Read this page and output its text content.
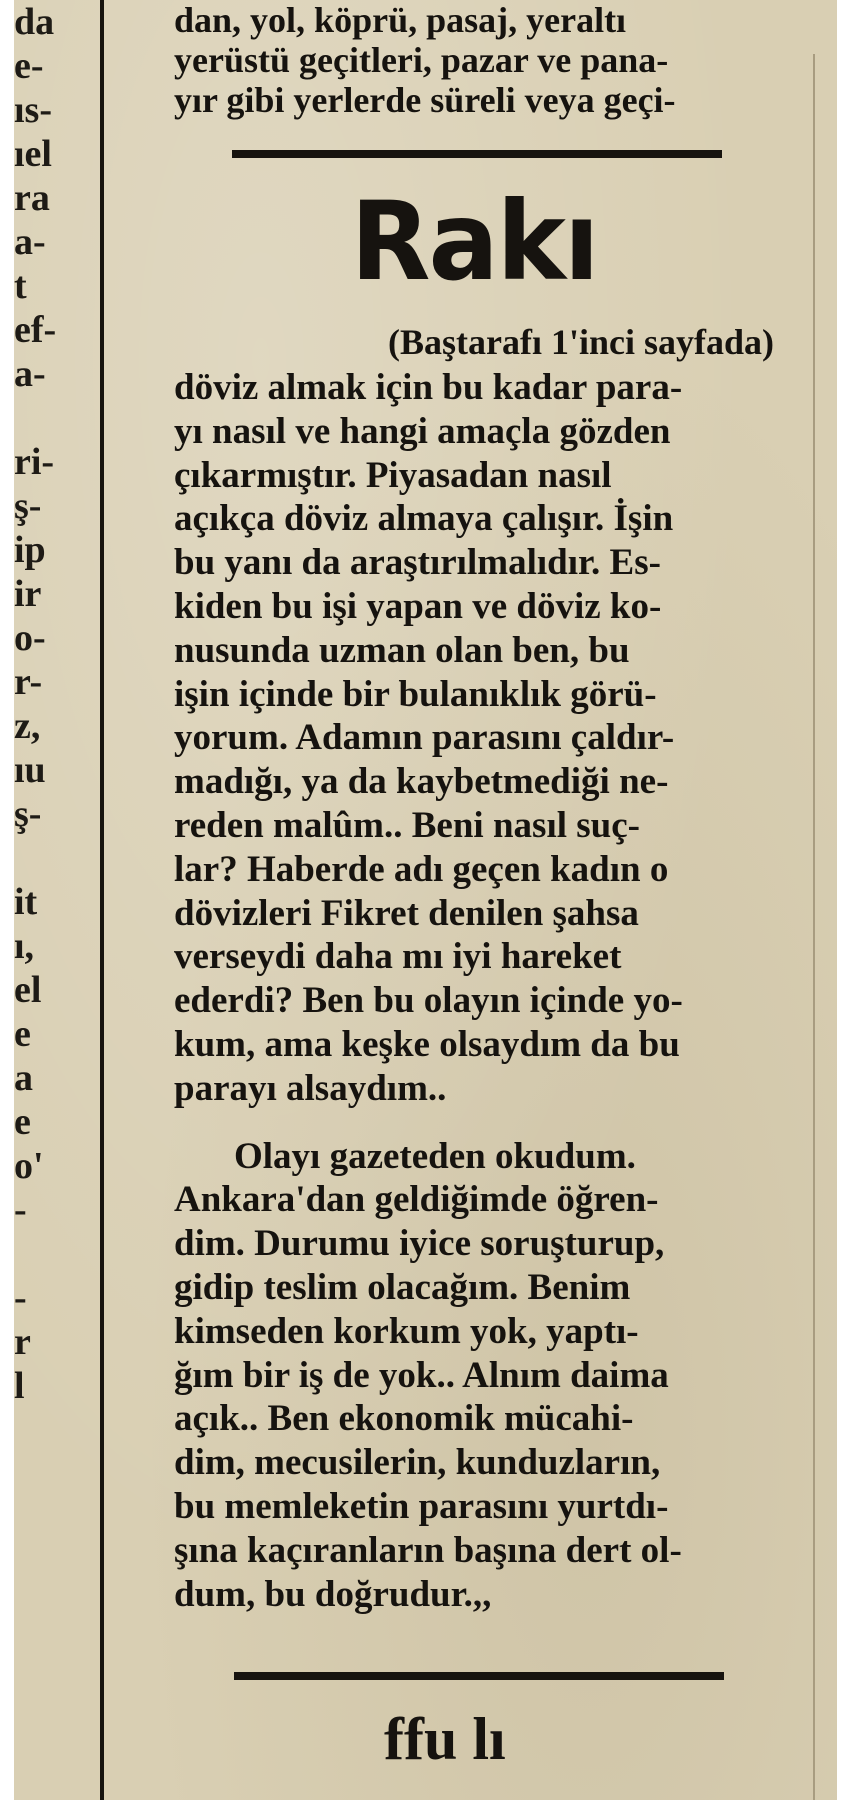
da
e-
ıs-
ıel
ra
a-
t
ef-
a-

ri-
ş-
ip
ir
o-
r-
z,
ıu
ş-

it
ı,
el
e
a
e
o'
-

-
r
l
dan, yol, köprü, pasaj, yeraltı
yerüstü geçitleri, pazar ve pana-
yır gibi yerlerde süreli veya geçi-
Rakı
(Baştarafı 1'inci sayfada)
döviz almak için bu kadar para-
yı nasıl ve hangi amaçla gözden
çıkarmıştır. Piyasadan nasıl
açıkça döviz almaya çalışır. İşin
bu yanı da araştırılmalıdır. Es-
kiden bu işi yapan ve döviz ko-
nusunda uzman olan ben, bu
işin içinde bir bulanıklık görü-
yorum. Adamın parasını çaldır-
madığı, ya da kaybetmediği ne-
reden malûm.. Beni nasıl suç-
lar? Haberde adı geçen kadın o
dövizleri Fikret denilen şahsa
verseydi daha mı iyi hareket
ederdi? Ben bu olayın içinde yo-
kum, ama keşke olsaydım da bu
parayı alsaydım..
Olayı gazeteden okudum.
Ankara'dan geldiğimde öğren-
dim. Durumu iyice soruşturup,
gidip teslim olacağım. Benim
kimseden korkum yok, yaptı-
ğım bir iş de yok.. Alnım daima
açık.. Ben ekonomik mücahi-
dim, mecusilerin, kunduzların,
bu memleketin parasını yurtdı-
şına kaçıranların başına dert ol-
dum, bu doğrudur.,,
ffu lı
